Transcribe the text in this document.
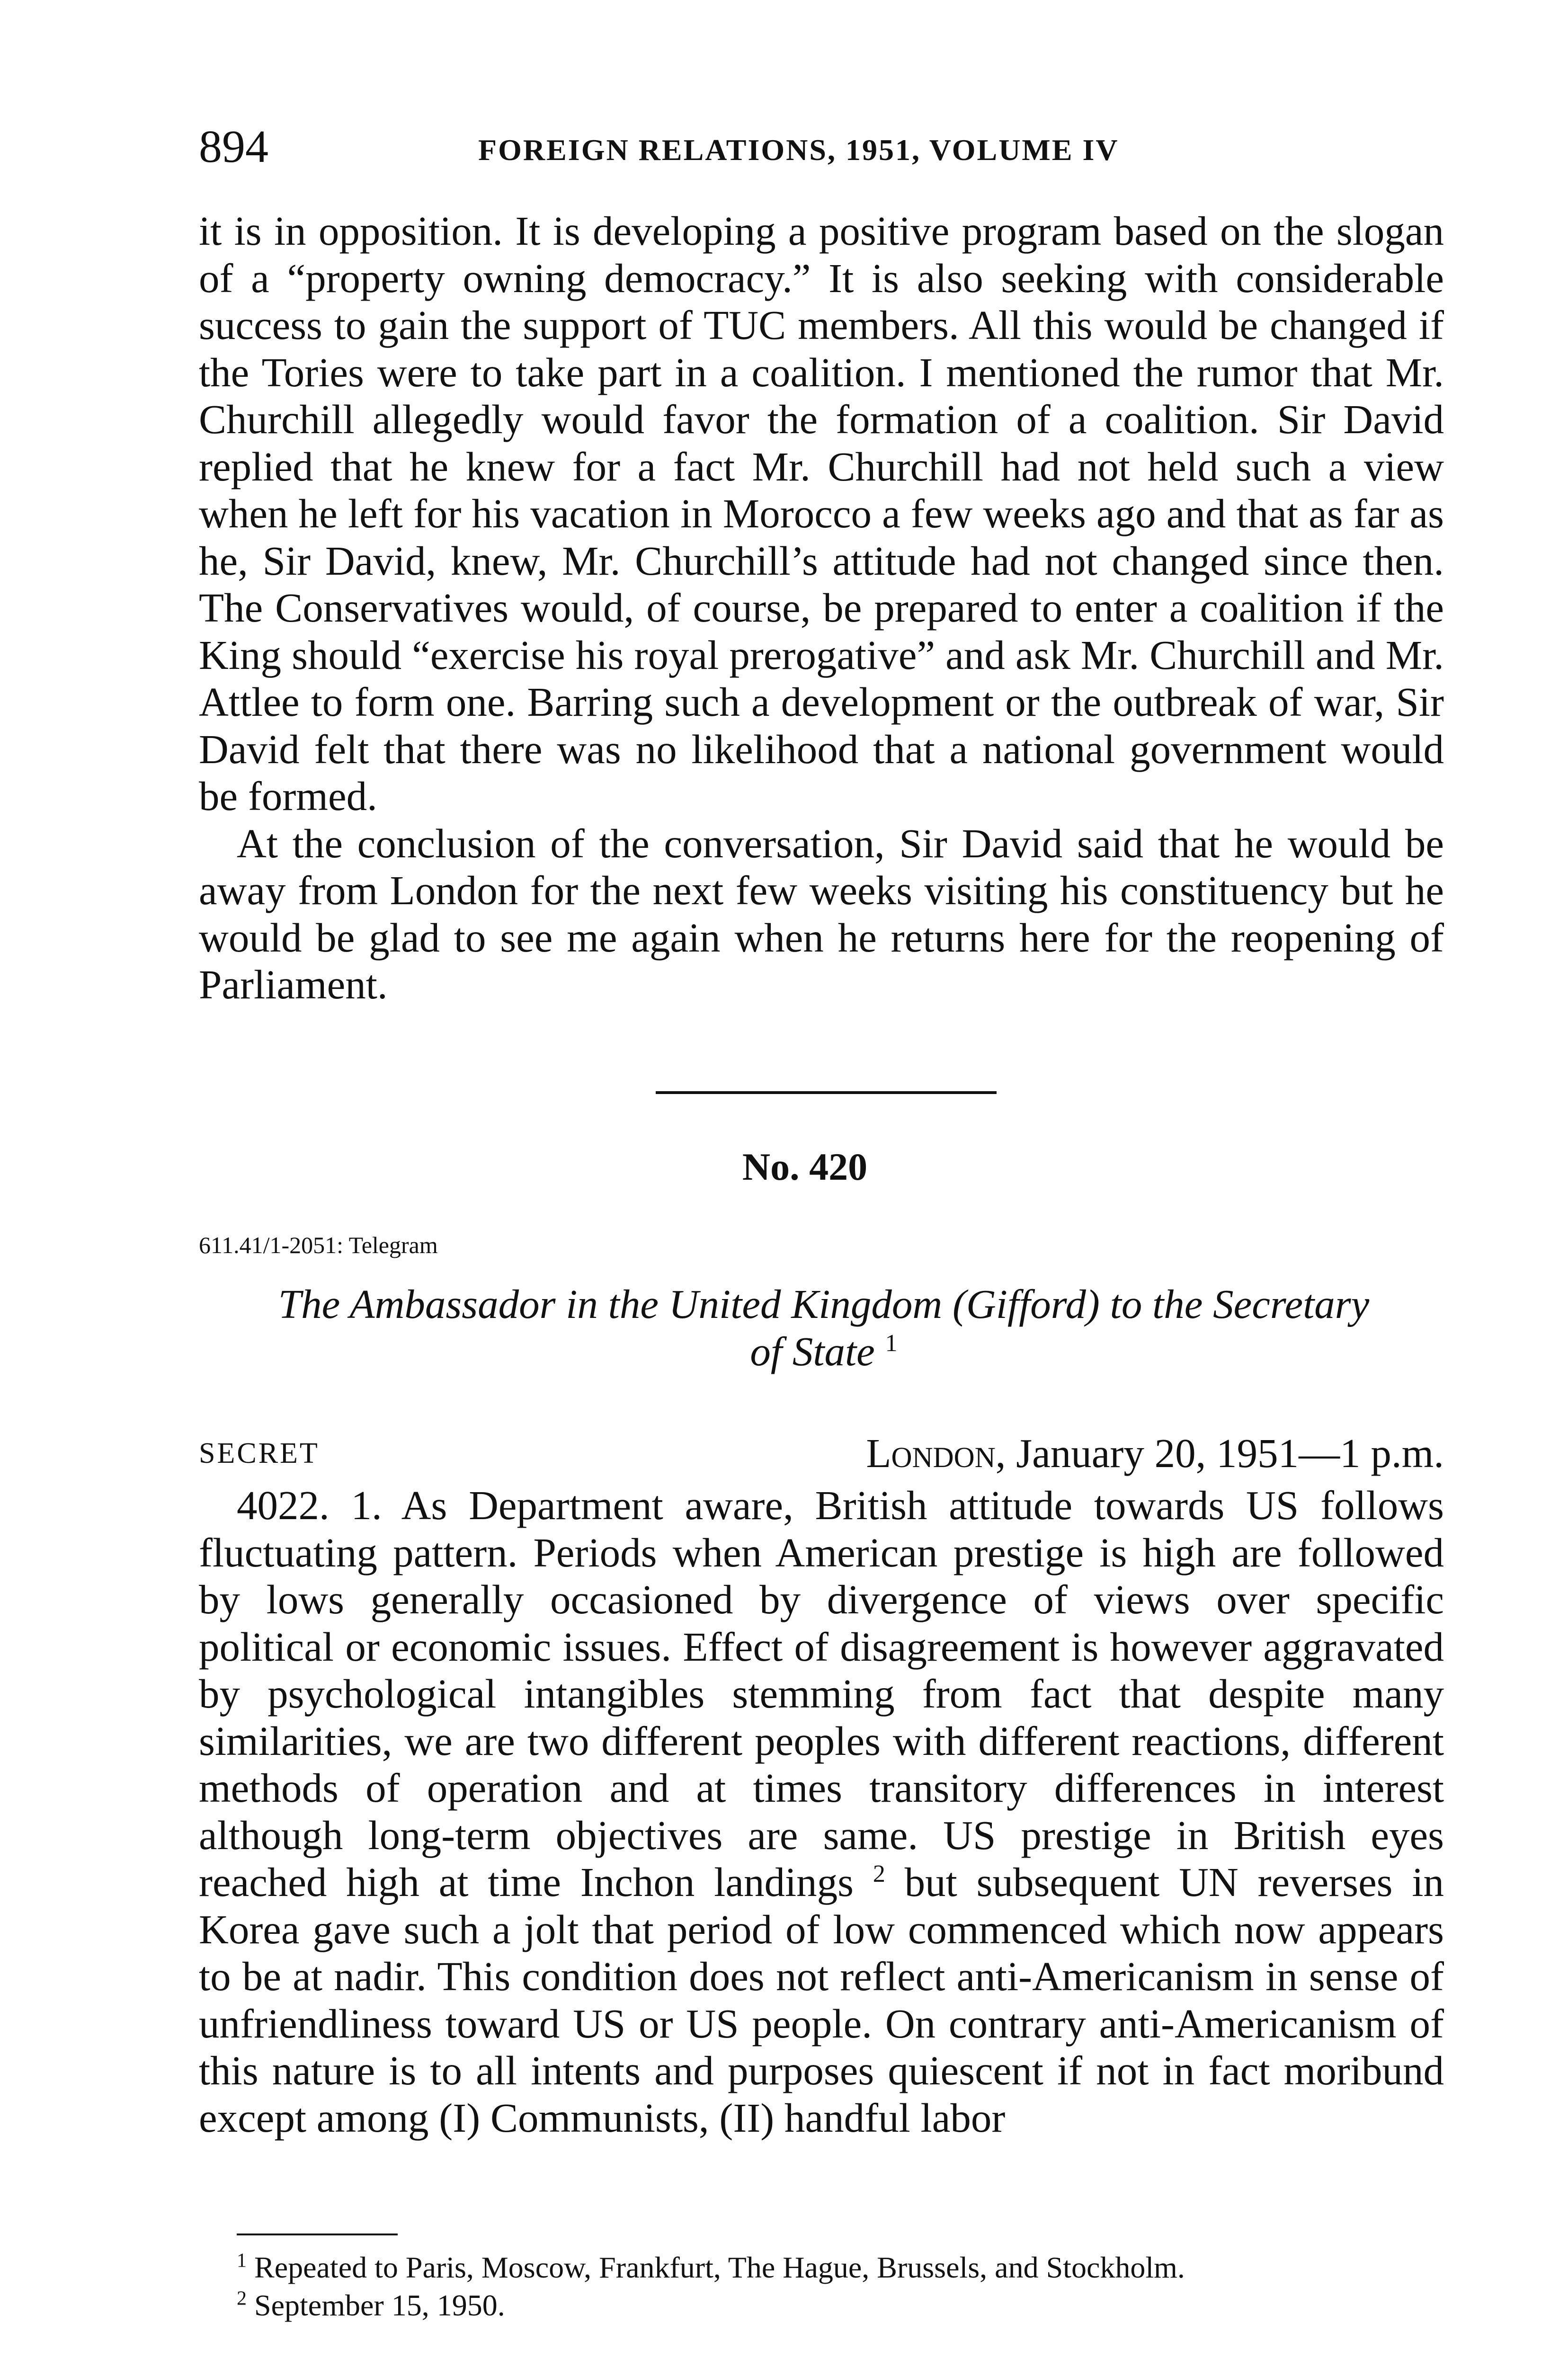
894	FOREIGN RELATIONS, 1951, VOLUME IV

it is in opposition. It is developing a positive program based on the slogan of a “property owning democracy.” It is also seeking with considerable success to gain the support of TUC members. All this would be changed if the Tories were to take part in a coalition. I mentioned the rumor that Mr. Churchill allegedly would favor the formation of a coalition. Sir David replied that he knew for a fact Mr. Churchill had not held such a view when he left for his vacation in Morocco a few weeks ago and that as far as he, Sir David, knew, Mr. Churchill’s attitude had not changed since then. The Conservatives would, of course, be prepared to enter a coalition if the King should “exercise his royal prerogative” and ask Mr. Churchill and Mr. Attlee to form one. Barring such a development or the outbreak of war, Sir David felt that there was no likelihood that a national government would be formed.

At the conclusion of the conversation, Sir David said that he would be away from London for the next few weeks visiting his constituency but he would be glad to see me again when he returns here for the reopening of Parliament.

No. 420
611.41/1-2051: Telegram
The Ambassador in the United Kingdom (Gifford) to the Secretary
of State $^1$
SECRET	London, January 20, 1951—1 p.m.

4022. 1. As Department aware, British attitude towards US follows fluctuating pattern. Periods when American prestige is high are followed by lows generally occasioned by divergence of views over specific political or economic issues. Effect of disagreement is however aggravated by psychological intangibles stemming from fact that despite many similarities, we are two different peoples with different reactions, different methods of operation and at times transitory differences in interest although long-term objectives are same. US prestige in British eyes reached high at time Inchon landings $^2$ but subsequent UN reverses in Korea gave such a jolt that period of low commenced which now appears to be at nadir. This condition does not reflect anti-Americanism in sense of unfriendliness toward US or US people. On contrary anti-Americanism of this nature is to all intents and purposes quiescent if not in fact moribund except among (I) Communists, (II) handful labor

$^1$ Repeated to Paris, Moscow, Frankfurt, The Hague, Brussels, and Stockholm.

$^2$ September 15, 1950.
